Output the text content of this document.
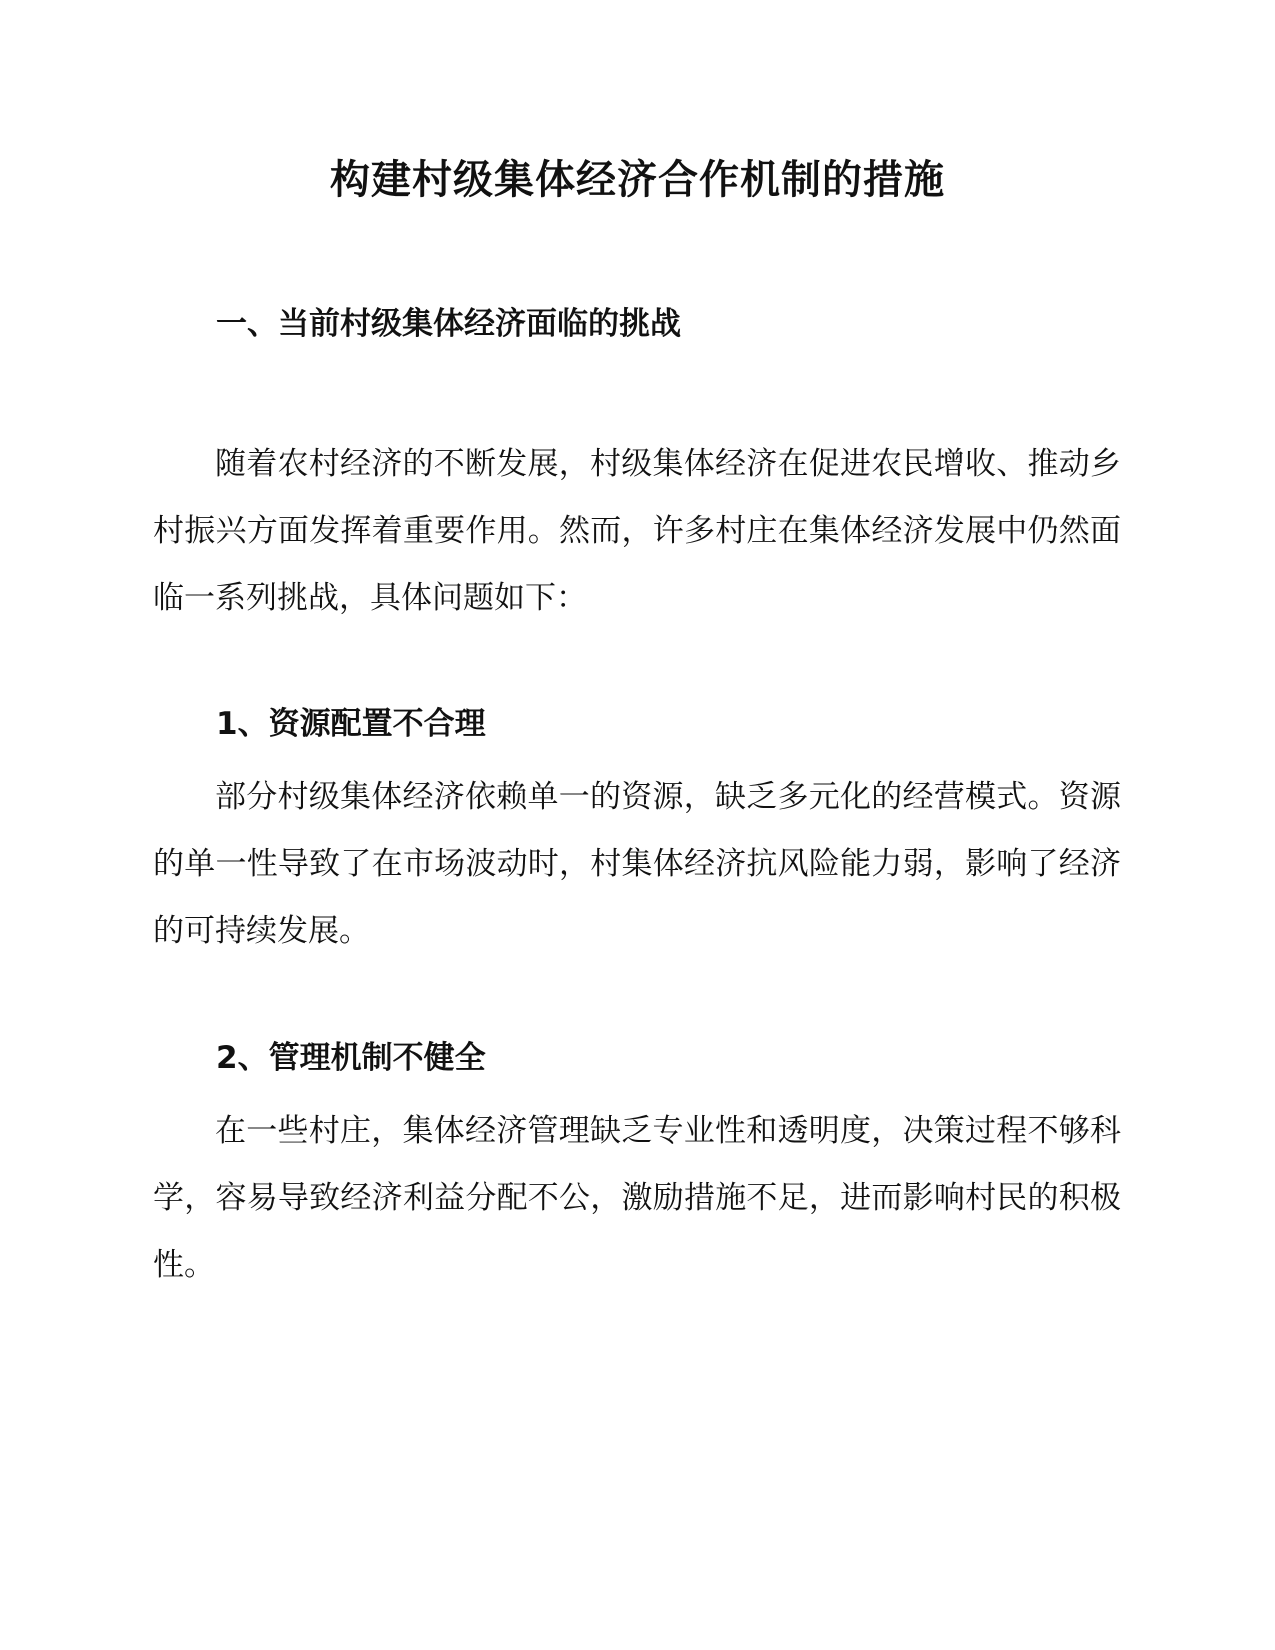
构建村级集体经济合作机制的措施
一、当前村级集体经济面临的挑战

随着农村经济的不断发展，村级集体经济在促进农民增收、推动乡村振兴方面发挥着重要作用。然而，许多村庄在集体经济发展中仍然面临一系列挑战，具体问题如下：

1、资源配置不合理

部分村级集体经济依赖单一的资源，缺乏多元化的经营模式。资源的单一性导致了在市场波动时，村集体经济抗风险能力弱，影响了经济的可持续发展。

2、管理机制不健全

在一些村庄，集体经济管理缺乏专业性和透明度，决策过程不够科学，容易导致经济利益分配不公，激励措施不足，进而影响村民的积极性。
